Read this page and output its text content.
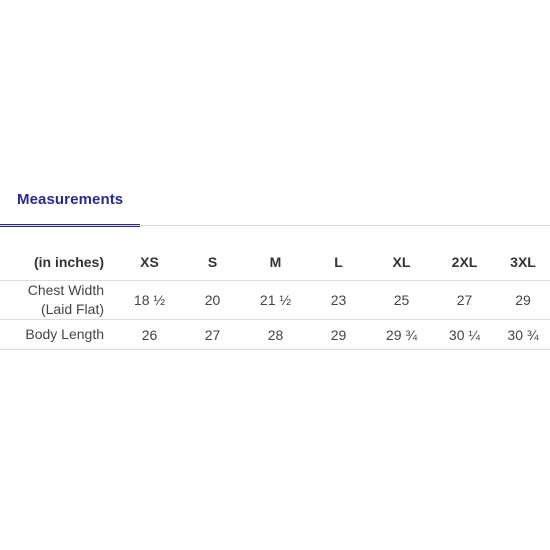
Measurements
(in inches)	XS	S	M	L	XL	2XL	3XL
Chest Width
(Laid Flat)	18 ½	20	21 ½	23	25	27	29
Body Length	26	27	28	29	29 ¾	30 ¼	30 ¾
